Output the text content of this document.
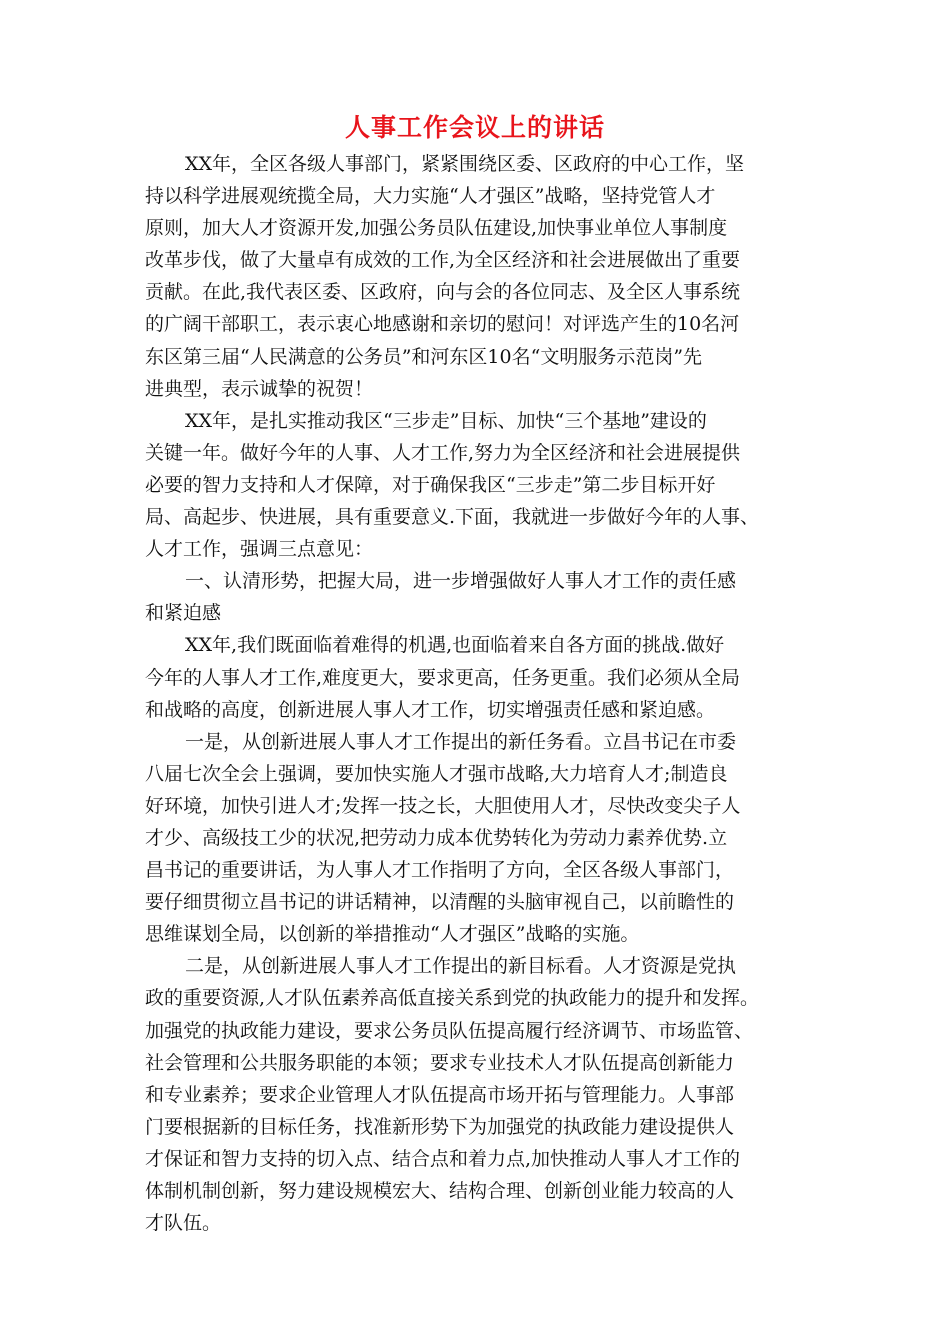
人事工作会议上的讲话
XX年，全区各级人事部门，紧紧围绕区委、区政府的中心工作，坚
持以科学进展观统揽全局，大力实施“人才强区”战略，坚持党管人才
原则，加大人才资源开发,加强公务员队伍建设,加快事业单位人事制度
改革步伐，做了大量卓有成效的工作,为全区经济和社会进展做出了重要
贡献。在此,我代表区委、区政府，向与会的各位同志、及全区人事系统
的广阔干部职工，表示衷心地感谢和亲切的慰问！对评选产生的10名河
东区第三届“人民满意的公务员”和河东区10名“文明服务示范岗”先
进典型，表示诚挚的祝贺！
XX年，是扎实推动我区“三步走”目标、加快“三个基地”建设的
关键一年。做好今年的人事、人才工作,努力为全区经济和社会进展提供
必要的智力支持和人才保障，对于确保我区“三步走”第二步目标开好
局、高起步、快进展，具有重要意义.下面，我就进一步做好今年的人事、
人才工作，强调三点意见：
一、认清形势，把握大局，进一步增强做好人事人才工作的责任感
和紧迫感
XX年,我们既面临着难得的机遇,也面临着来自各方面的挑战.做好
今年的人事人才工作,难度更大，要求更高，任务更重。我们必须从全局
和战略的高度，创新进展人事人才工作，切实增强责任感和紧迫感。
一是，从创新进展人事人才工作提出的新任务看。立昌书记在市委
八届七次全会上强调，要加快实施人才强市战略,大力培育人才;制造良
好环境，加快引进人才;发挥一技之长，大胆使用人才，尽快改变尖子人
才少、高级技工少的状况,把劳动力成本优势转化为劳动力素养优势.立
昌书记的重要讲话，为人事人才工作指明了方向，全区各级人事部门，
要仔细贯彻立昌书记的讲话精神，以清醒的头脑审视自己，以前瞻性的
思维谋划全局，以创新的举措推动“人才强区”战略的实施。
二是，从创新进展人事人才工作提出的新目标看。人才资源是党执
政的重要资源,人才队伍素养高低直接关系到党的执政能力的提升和发挥。
加强党的执政能力建设，要求公务员队伍提高履行经济调节、市场监管、
社会管理和公共服务职能的本领；要求专业技术人才队伍提高创新能力
和专业素养；要求企业管理人才队伍提高市场开拓与管理能力。人事部
门要根据新的目标任务，找准新形势下为加强党的执政能力建设提供人
才保证和智力支持的切入点、结合点和着力点,加快推动人事人才工作的
体制机制创新，努力建设规模宏大、结构合理、创新创业能力较高的人
才队伍。
